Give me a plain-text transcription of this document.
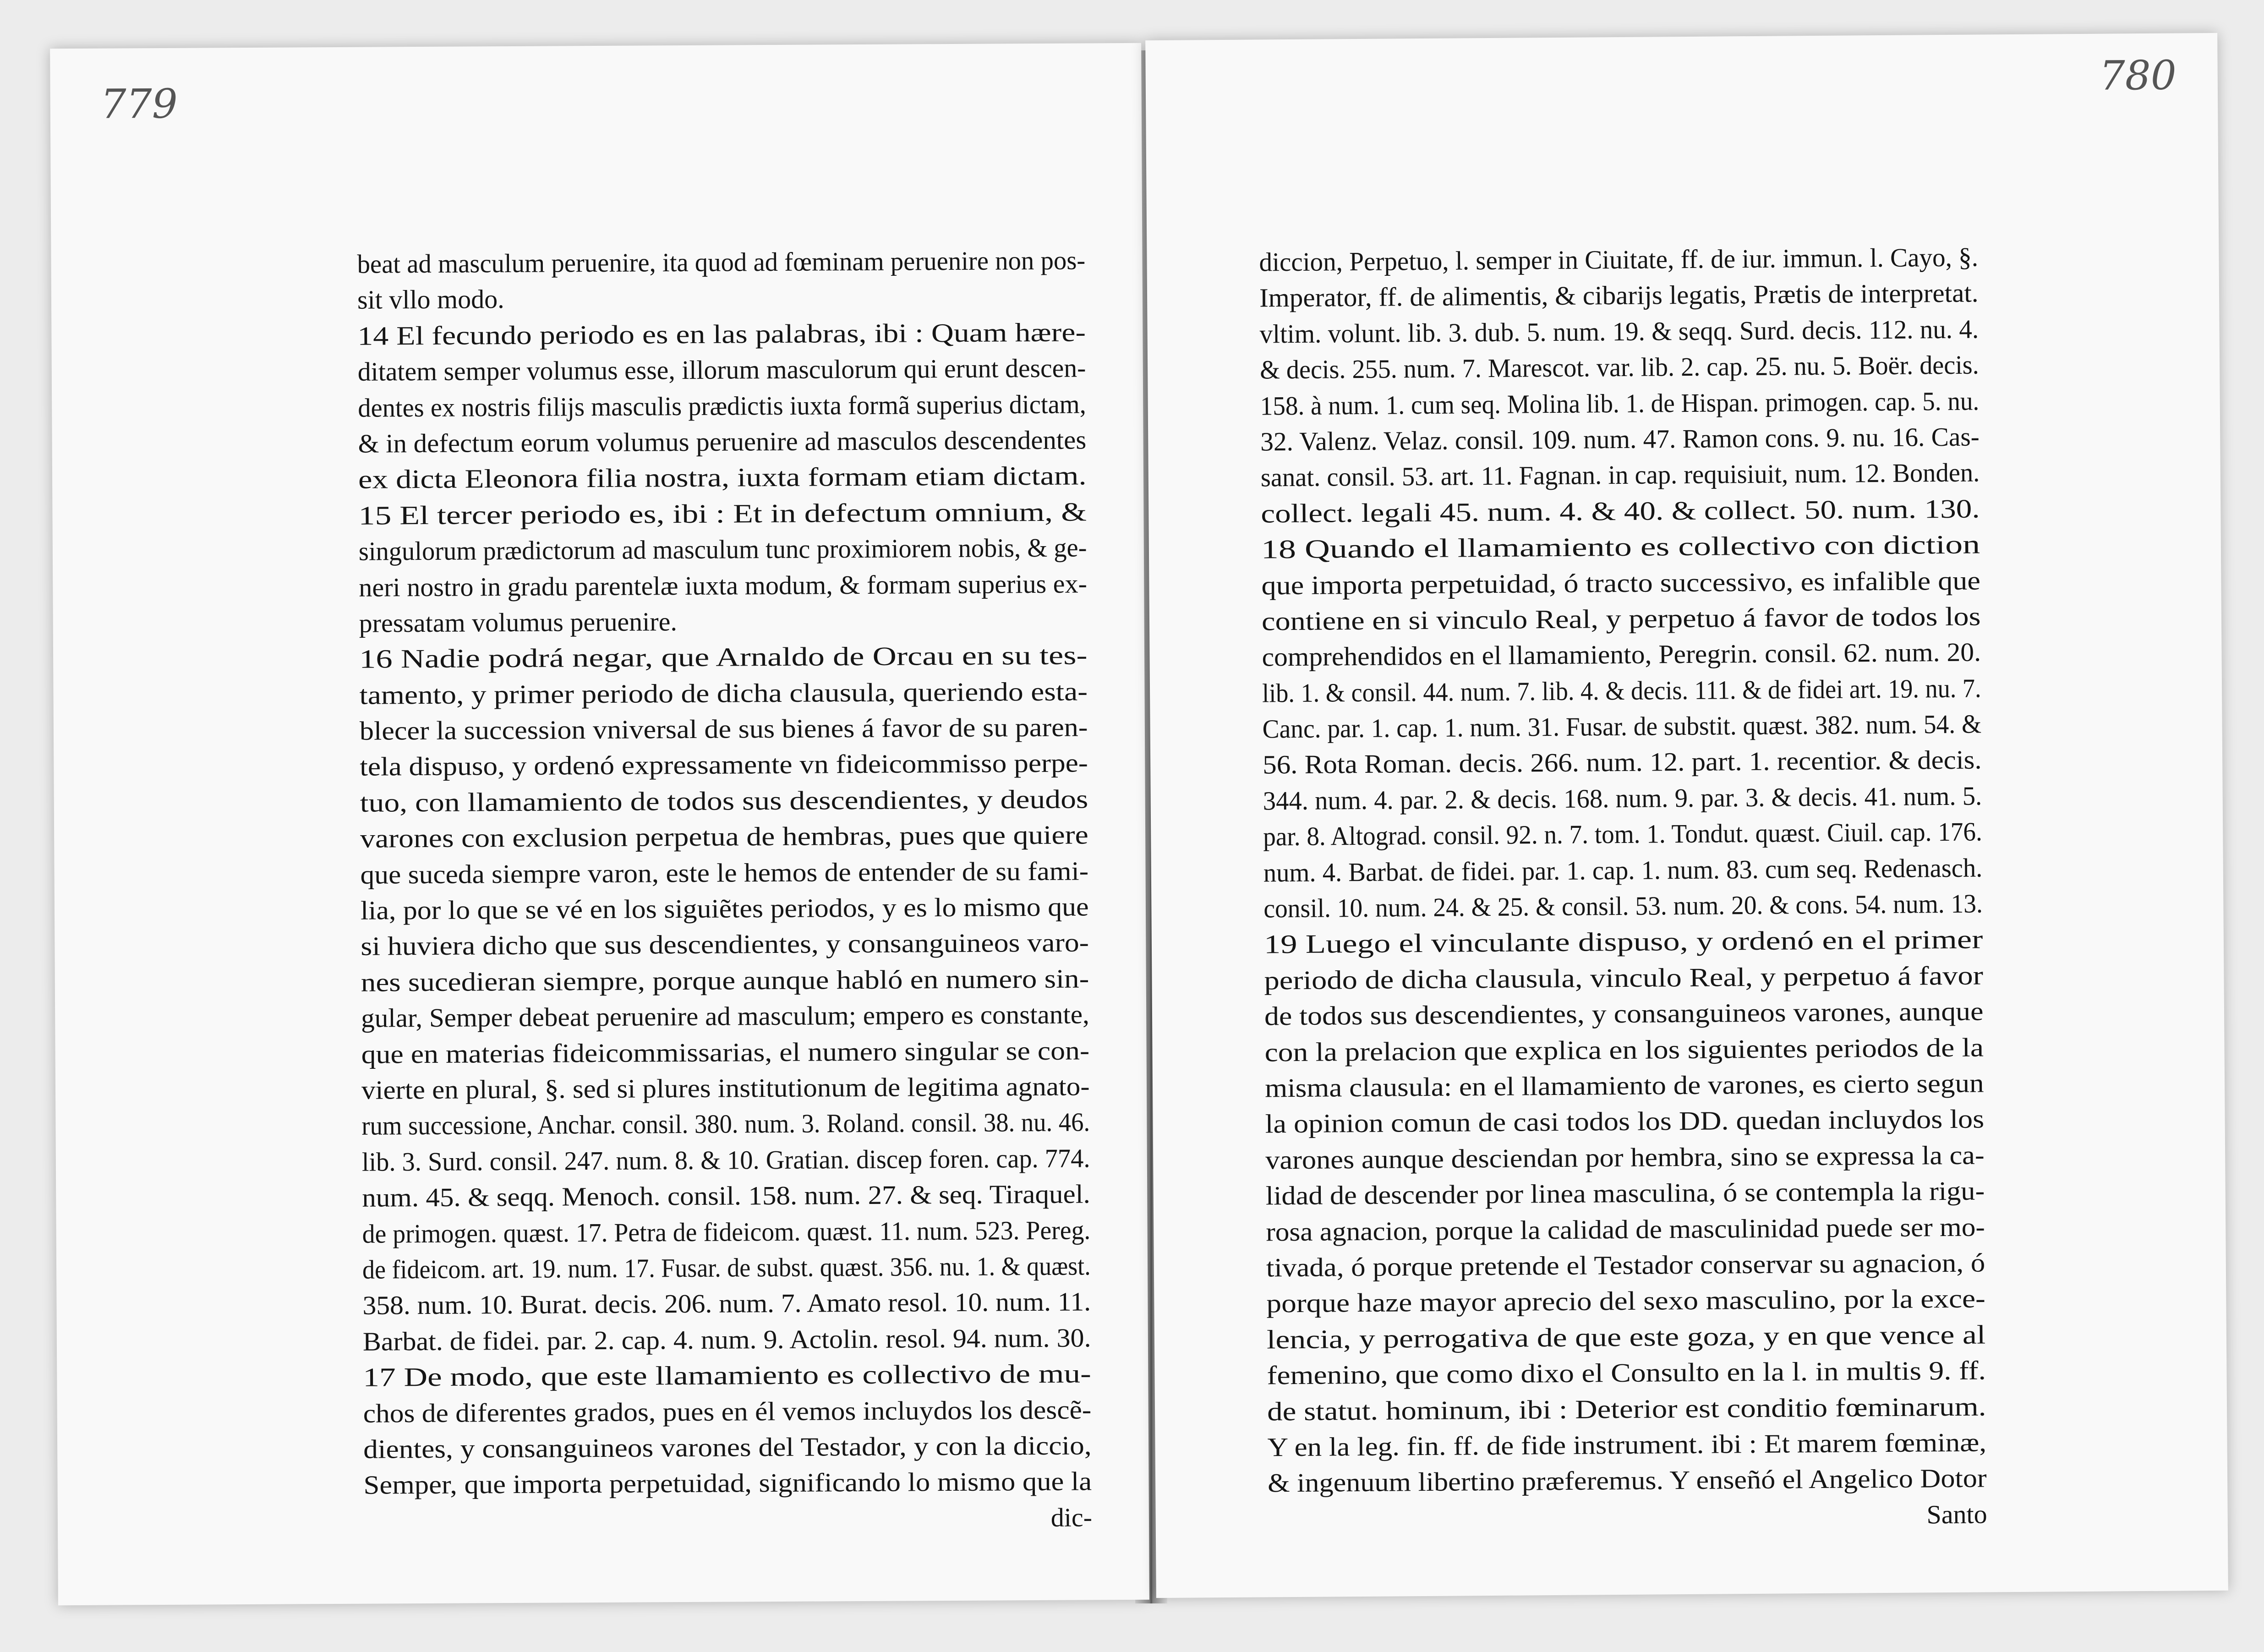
779
beat ad masculum peruenire, ita quod ad fœminam peruenire non pos-
sit vllo modo.
14 El fecundo periodo es en las palabras, ibi : Quam hære-
ditatem semper volumus esse, illorum masculorum qui erunt descen-
dentes ex nostris filijs masculis prædictis iuxta formã superius dictam,
& in defectum eorum volumus peruenire ad masculos descendentes
ex dicta Eleonora filia nostra, iuxta formam etiam dictam.
15 El tercer periodo es, ibi : Et in defectum omnium, &
singulorum prædictorum ad masculum tunc proximiorem nobis, & ge-
neri nostro in gradu parentelæ iuxta modum, & formam superius ex-
pressatam volumus peruenire.
16 Nadie podrá negar, que Arnaldo de Orcau en su tes-
tamento, y primer periodo de dicha clausula, queriendo esta-
blecer la succession vniversal de sus bienes á favor de su paren-
tela dispuso, y ordenó expressamente vn fideicommisso perpe-
tuo, con llamamiento de todos sus descendientes, y deudos
varones con exclusion perpetua de hembras, pues que quiere
que suceda siempre varon, este le hemos de entender de su fami-
lia, por lo que se vé en los siguiẽtes periodos, y es lo mismo que
si huviera dicho que sus descendientes, y consanguineos varo-
nes sucedieran siempre, porque aunque habló en numero sin-
gular, Semper debeat peruenire ad masculum; empero es constante,
que en materias fideicommissarias, el numero singular se con-
vierte en plural, §. sed si plures institutionum de legitima agnato-
rum successione, Anchar. consil. 380. num. 3. Roland. consil. 38. nu. 46.
lib. 3. Surd. consil. 247. num. 8. & 10. Gratian. discep foren. cap. 774.
num. 45. & seqq. Menoch. consil. 158. num. 27. & seq. Tiraquel.
de primogen. quæst. 17. Petra de fideicom. quæst. 11. num. 523. Pereg.
de fideicom. art. 19. num. 17. Fusar. de subst. quæst. 356. nu. 1. & quæst.
358. num. 10. Burat. decis. 206. num. 7. Amato resol. 10. num. 11.
Barbat. de fidei. par. 2. cap. 4. num. 9. Actolin. resol. 94. num. 30.
17 De modo, que este llamamiento es collectivo de mu-
chos de diferentes grados, pues en él vemos incluydos los descẽ-
dientes, y consanguineos varones del Testador, y con la diccio,
Semper, que importa perpetuidad, significando lo mismo que la
dic-
780
diccion, Perpetuo, l. semper in Ciuitate, ff. de iur. immun. l. Cayo, §.
Imperator, ff. de alimentis, & cibarijs legatis, Prætis de interpretat.
vltim. volunt. lib. 3. dub. 5. num. 19. & seqq. Surd. decis. 112. nu. 4.
& decis. 255. num. 7. Marescot. var. lib. 2. cap. 25. nu. 5. Boër. decis.
158. à num. 1. cum seq. Molina lib. 1. de Hispan. primogen. cap. 5. nu.
32. Valenz. Velaz. consil. 109. num. 47. Ramon cons. 9. nu. 16. Cas-
sanat. consil. 53. art. 11. Fagnan. in cap. requisiuit, num. 12. Bonden.
collect. legali 45. num. 4. & 40. & collect. 50. num. 130.
18 Quando el llamamiento es collectivo con diction
que importa perpetuidad, ó tracto successivo, es infalible que
contiene en si vinculo Real, y perpetuo á favor de todos los
comprehendidos en el llamamiento, Peregrin. consil. 62. num. 20.
lib. 1. & consil. 44. num. 7. lib. 4. & decis. 111. & de fidei art. 19. nu. 7.
Canc. par. 1. cap. 1. num. 31. Fusar. de substit. quæst. 382. num. 54. &
56. Rota Roman. decis. 266. num. 12. part. 1. recentior. & decis.
344. num. 4. par. 2. & decis. 168. num. 9. par. 3. & decis. 41. num. 5.
par. 8. Altograd. consil. 92. n. 7. tom. 1. Tondut. quæst. Ciuil. cap. 176.
num. 4. Barbat. de fidei. par. 1. cap. 1. num. 83. cum seq. Redenasch.
consil. 10. num. 24. & 25. & consil. 53. num. 20. & cons. 54. num. 13.
19 Luego el vinculante dispuso, y ordenó en el primer
periodo de dicha clausula, vinculo Real, y perpetuo á favor
de todos sus descendientes, y consanguineos varones, aunque
con la prelacion que explica en los siguientes periodos de la
misma clausula: en el llamamiento de varones, es cierto segun
la opinion comun de casi todos los DD. quedan incluydos los
varones aunque desciendan por hembra, sino se expressa la ca-
lidad de descender por linea masculina, ó se contempla la rigu-
rosa agnacion, porque la calidad de masculinidad puede ser mo-
tivada, ó porque pretende el Testador conservar su agnacion, ó
porque haze mayor aprecio del sexo masculino, por la exce-
lencia, y perrogativa de que este goza, y en que vence al
femenino, que como dixo el Consulto en la l. in multis 9. ff.
de statut. hominum, ibi : Deterior est conditio fœminarum.
Y en la leg. fin. ff. de fide instrument. ibi : Et marem fœminæ,
& ingenuum libertino præferemus. Y enseñó el Angelico Dotor
Santo
